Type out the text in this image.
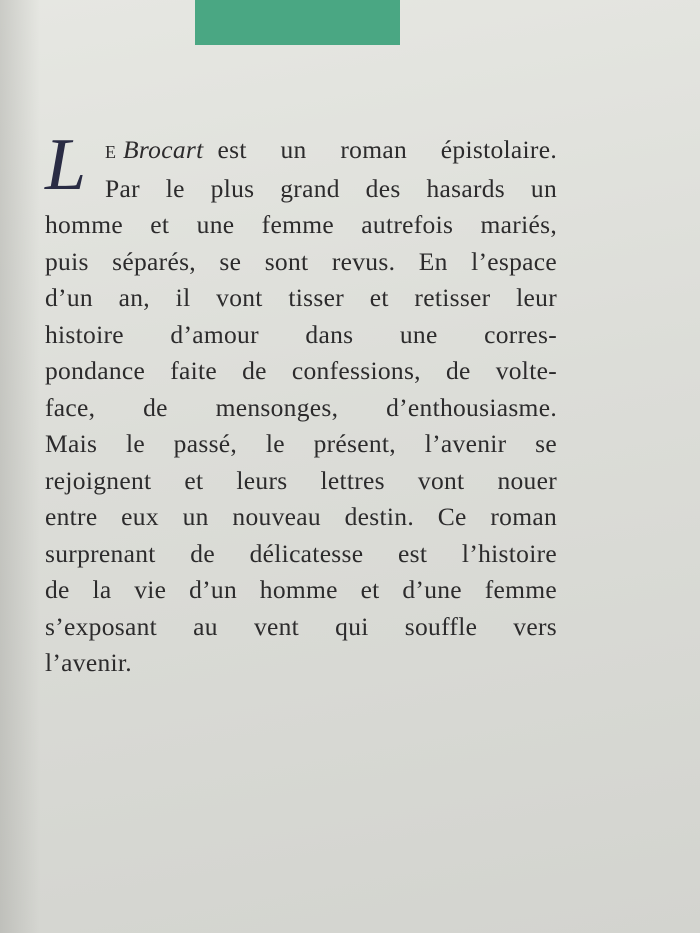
L	E Brocart est un roman épistolaire.
Par le plus grand des hasards un
homme et une femme autrefois mariés,
puis séparés, se sont revus. En l’espace
d’un an, il vont tisser et retisser leur
histoire d’amour dans une corres-
pondance faite de confessions, de volte-
face, de mensonges, d’enthousiasme.
Mais le passé, le présent, l’avenir se
rejoignent et leurs lettres vont nouer
entre eux un nouveau destin. Ce roman
surprenant de délicatesse est l’histoire
de la vie d’un homme et d’une femme
s’exposant au vent qui souffle vers
l’avenir.
